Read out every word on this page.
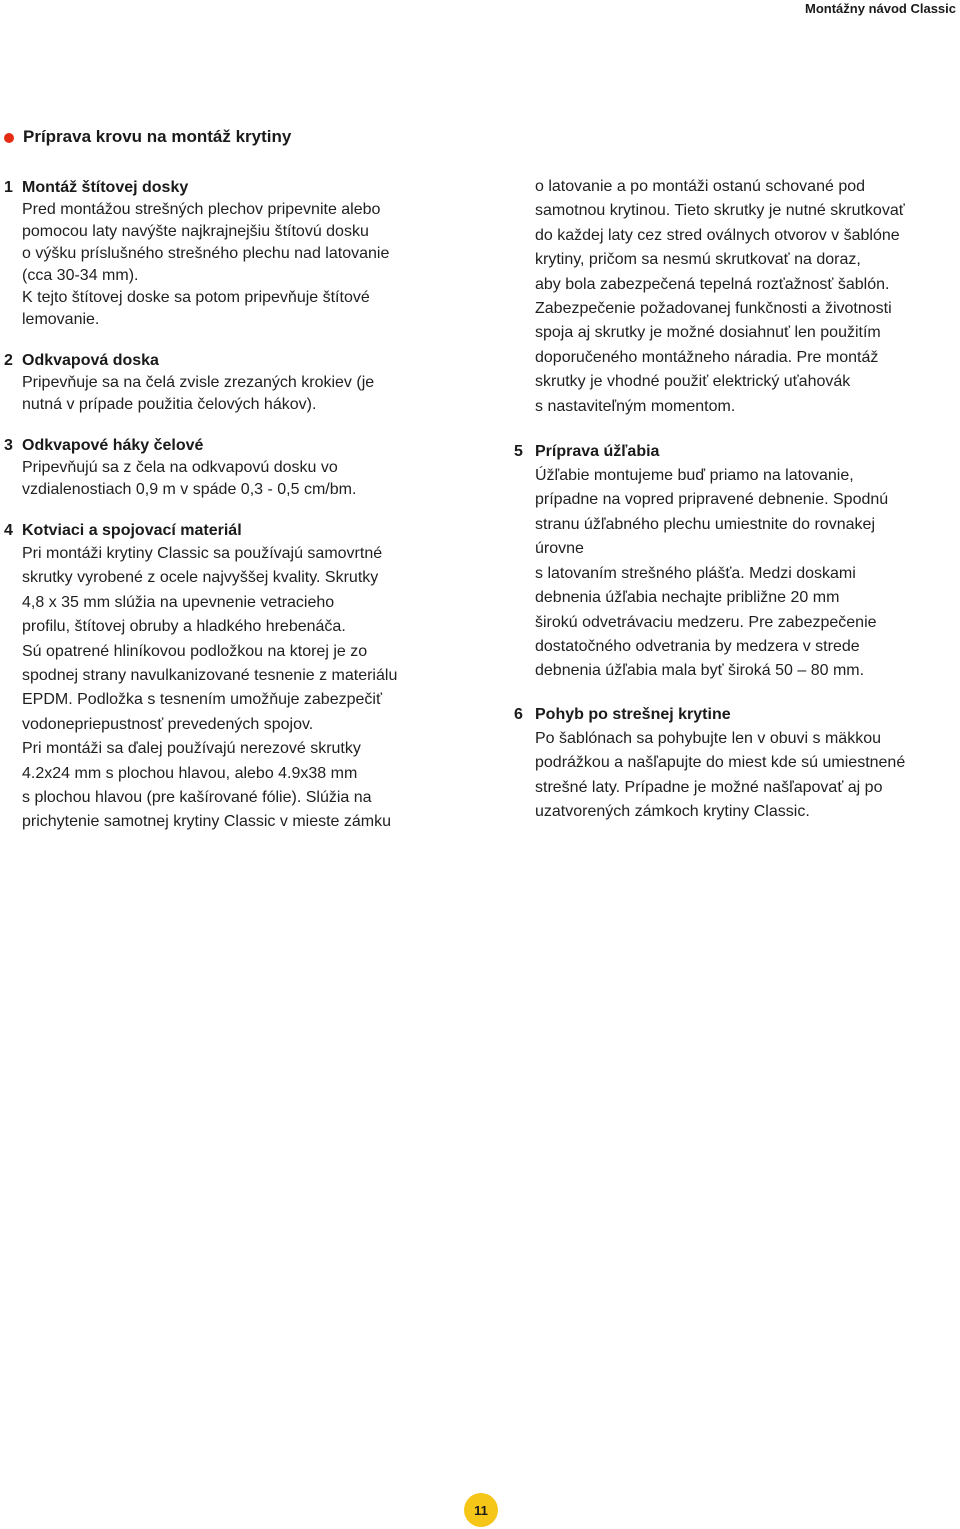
Montážny návod Classic
Príprava krovu na montáž krytiny
1 Montáž štítovej dosky
Pred montážou strešných plechov pripevnite alebo
pomocou laty navýšte najkrajnejšiu štítovú dosku
o výšku príslušného strešného plechu nad latovanie
(cca 30-34 mm).
K tejto štítovej doske sa potom pripevňuje štítové
lemovanie.
2 Odkvapová doska
Pripevňuje sa na čelá zvisle zrezaných krokiev (je
nutná v prípade použitia čelových hákov).
3 Odkvapové háky čelové
Pripevňujú sa z čela na odkvapovú dosku vo
vzdialenostiach 0,9 m v spáde 0,3 - 0,5 cm/bm.
4 Kotviaci a spojovací materiál
Pri montáži krytiny Classic sa používajú samovrtné
skrutky vyrobené z ocele najvyššej kvality. Skrutky
4,8 x 35 mm slúžia na upevnenie vetracieho
profilu, štítovej obruby a hladkého hrebenáča.
Sú opatrené hliníkovou podložkou na ktorej je zo
spodnej strany navulkanizované tesnenie z materiálu
EPDM. Podložka s tesnením umožňuje zabezpečiť
vodonepriepustnosť prevedených spojov.
Pri montáži sa ďalej používajú nerezové skrutky
4.2x24 mm s plochou hlavou, alebo 4.9x38 mm
s plochou hlavou (pre kašírované fólie). Slúžia na
prichytenie samotnej krytiny Classic v mieste zámku
o latovanie a po montáži ostanú schované pod
samotnou krytinou. Tieto skrutky je nutné skrutkovať
do každej laty cez stred oválnych otvorov v šablóne
krytiny, pričom sa nesmú skrutkovať na doraz,
aby bola zabezpečená tepelná rozťažnosť šablón.
Zabezpečenie požadovanej funkčnosti a životnosti
spoja aj skrutky je možné dosiahnuť len použitím
doporučeného montážneho náradia. Pre montáž
skrutky je vhodné použiť elektrický uťahovák
s nastaviteľným momentom.
5 Príprava úžľabia
Úžľabie montujeme buď priamo na latovanie,
prípadne na vopred pripravené debnenie. Spodnú
stranu úžľabného plechu umiestnite do rovnakej
úrovne
s latovaním strešného plášťa. Medzi doskami
debnenia úžľabia nechajte približne 20 mm
širokú odvetrávaciu medzeru. Pre zabezpečenie
dostatočného odvetrania by medzera v strede
debnenia úžľabia mala byť široká 50 – 80 mm.
6 Pohyb po strešnej krytine
Po šablónach sa pohybujte len v obuvi s mäkkou
podrážkou a našľapujte do miest kde sú umiestnené
strešné laty. Prípadne je možné našľapovať aj po
uzatvorených zámkoch krytiny Classic.
11
